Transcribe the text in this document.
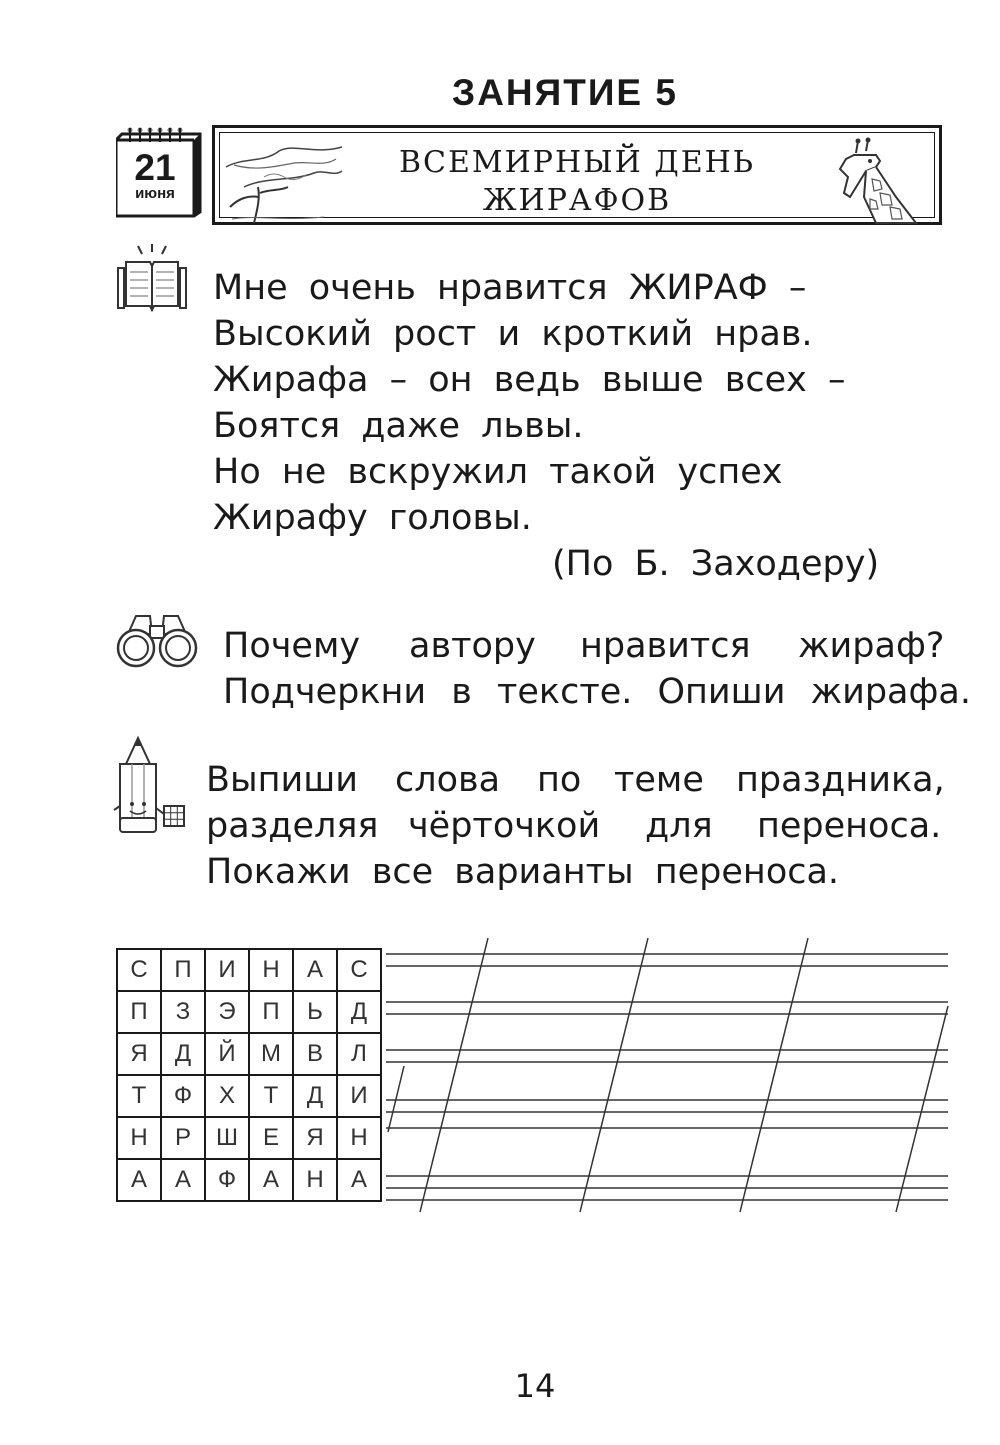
ЗАНЯТИЕ 5
21
июня
ВСЕМИРНЫЙ ДЕНЬ
ЖИРАФОВ
Мне очень нравится ЖИРАФ –
Высокий рост и кроткий нрав.
Жирафа – он ведь выше всех –
Боятся даже львы.
Но не вскружил такой успех
Жирафу головы.
(По Б. Заходеру)
Почему автору нравится жираф?
Подчеркни в тексте. Опиши жирафа.
Выпиши слова по теме праздника,
разделяя чёрточкой для переноса.
Покажи все варианты переноса.
С	П	И	Н	А	С
П	З	Э	П	Ь	Д
Я	Д	Й	М	В	Л
Т	Ф	Х	Т	Д	И
Н	Р	Ш	Е	Я	Н
А	А	Ф	А	Н	А
14
